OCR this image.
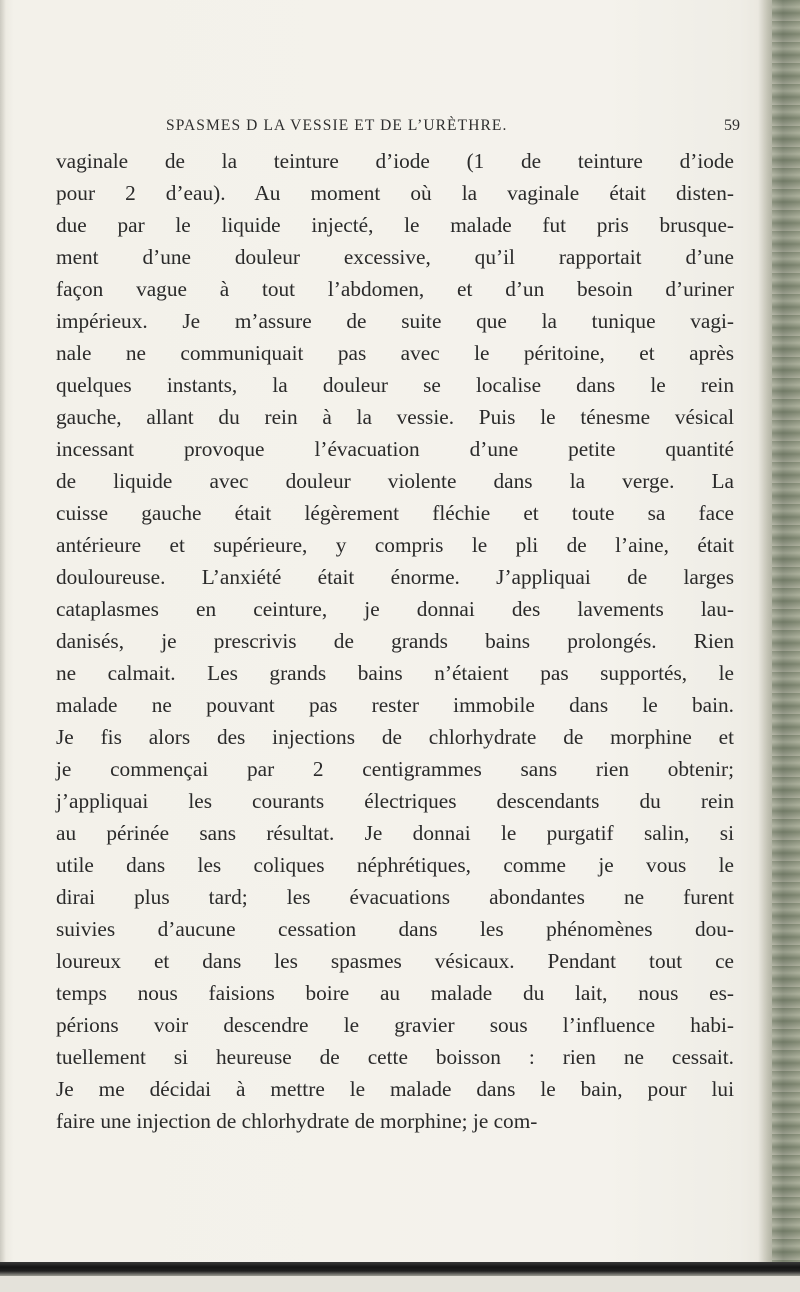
SPASMES D LA VESSIE ET DE L’URÈTHRE.	59
vaginale de la teinture d’iode (1 de teinture d’iode
pour 2 d’eau). Au moment où la vaginale était disten-
due par le liquide injecté, le malade fut pris brusque-
ment d’une douleur excessive, qu’il rapportait d’une
façon vague à tout l’abdomen, et d’un besoin d’uriner
impérieux. Je m’assure de suite que la tunique vagi-
nale ne communiquait pas avec le péritoine, et après
quelques instants, la douleur se localise dans le rein
gauche, allant du rein à la vessie. Puis le ténesme vésical
incessant provoque l’évacuation d’une petite quantité
de liquide avec douleur violente dans la verge. La
cuisse gauche était légèrement fléchie et toute sa face
antérieure et supérieure, y compris le pli de l’aine, était
douloureuse. L’anxiété était énorme. J’appliquai de larges
cataplasmes en ceinture, je donnai des lavements lau-
danisés, je prescrivis de grands bains prolongés. Rien
ne calmait. Les grands bains n’étaient pas supportés, le
malade ne pouvant pas rester immobile dans le bain.
Je fis alors des injections de chlorhydrate de morphine et
je commençai par 2 centigrammes sans rien obtenir;
j’appliquai les courants électriques descendants du rein
au périnée sans résultat. Je donnai le purgatif salin, si
utile dans les coliques néphrétiques, comme je vous le
dirai plus tard; les évacuations abondantes ne furent
suivies d’aucune cessation dans les phénomènes dou-
loureux et dans les spasmes vésicaux. Pendant tout ce
temps nous faisions boire au malade du lait, nous es-
périons voir descendre le gravier sous l’influence habi-
tuellement si heureuse de cette boisson : rien ne cessait.
Je me décidai à mettre le malade dans le bain, pour lui
faire une injection de chlorhydrate de morphine; je com-
